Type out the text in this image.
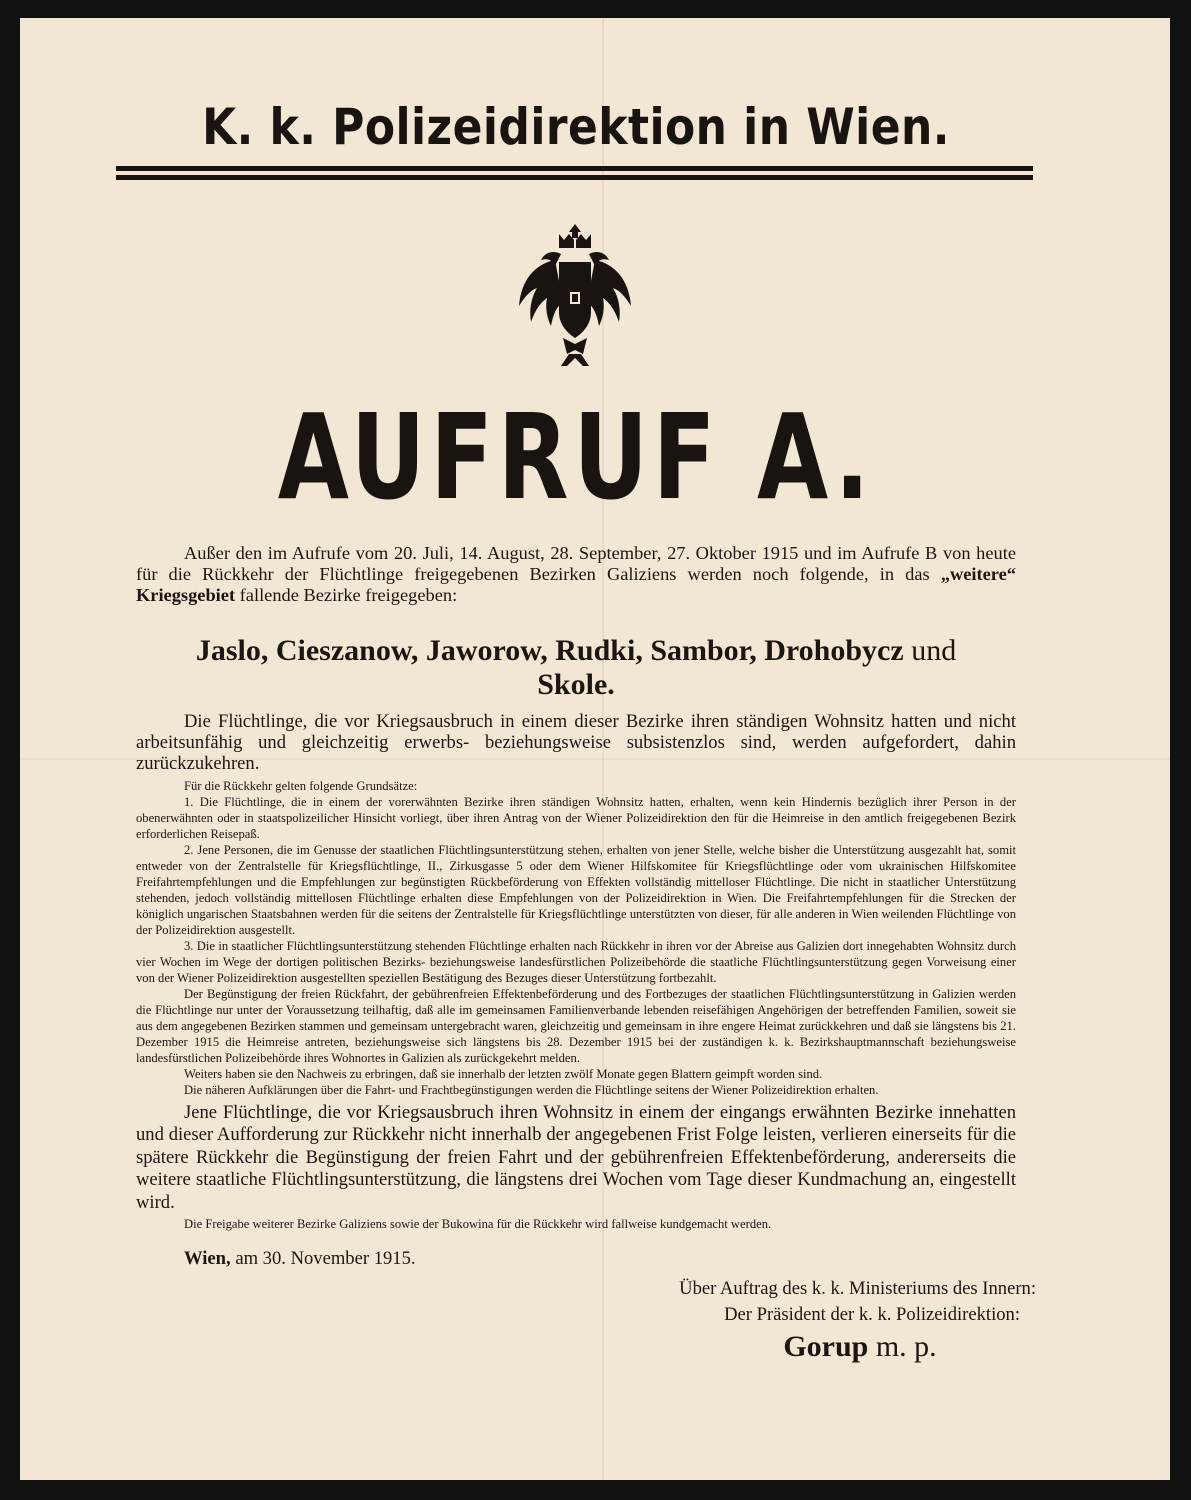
K. k. Polizeidirektion in Wien.
AUFRUF A.
Außer den im Aufrufe vom 20. Juli, 14. August, 28. September, 27. Oktober 1915 und im Aufrufe B von heute für die Rückkehr der Flüchtlinge freigegebenen Bezirken Galiziens werden noch folgende, in das „weitere“ Kriegsgebiet fallende Bezirke freigegeben:
Jaslo, Cieszanow, Jaworow, Rudki, Sambor, Drohobycz und
Skole.
Die Flüchtlinge, die vor Kriegsausbruch in einem dieser Bezirke ihren ständigen Wohnsitz hatten und nicht arbeitsunfähig und gleichzeitig erwerbs- beziehungsweise subsistenzlos sind, werden aufgefordert, dahin zurückzukehren.

Für die Rückkehr gelten folgende Grundsätze:

1. Die Flüchtlinge, die in einem der vorerwähnten Bezirke ihren ständigen Wohnsitz hatten, erhalten, wenn kein Hindernis bezüglich ihrer Person in der obenerwähnten oder in staatspolizeilicher Hinsicht vorliegt, über ihren Antrag von der Wiener Polizeidirektion den für die Heimreise in den amtlich freigegebenen Bezirk erforderlichen Reisepaß.

2. Jene Personen, die im Genusse der staatlichen Flüchtlingsunterstützung stehen, erhalten von jener Stelle, welche bisher die Unterstützung ausgezahlt hat, somit entweder von der Zentralstelle für Kriegsflüchtlinge, II., Zirkusgasse 5 oder dem Wiener Hilfskomitee für Kriegsflüchtlinge oder vom ukrainischen Hilfskomitee Freifahrtempfehlungen und die Empfehlungen zur begünstigten Rückbeförderung von Effekten vollständig mittelloser Flüchtlinge. Die nicht in staatlicher Unterstützung stehenden, jedoch vollständig mittellosen Flüchtlinge erhalten diese Empfehlungen von der Polizeidirektion in Wien. Die Freifahrtempfehlungen für die Strecken der königlich ungarischen Staatsbahnen werden für die seitens der Zentralstelle für Kriegsflüchtlinge unterstützten von dieser, für alle anderen in Wien weilenden Flüchtlinge von der Polizeidirektion ausgestellt.

3. Die in staatlicher Flüchtlingsunterstützung stehenden Flüchtlinge erhalten nach Rückkehr in ihren vor der Abreise aus Galizien dort innegehabten Wohnsitz durch vier Wochen im Wege der dortigen politischen Bezirks- beziehungsweise landesfürstlichen Polizeibehörde die staatliche Flüchtlingsunterstützung gegen Vorweisung einer von der Wiener Polizeidirektion ausgestellten speziellen Bestätigung des Bezuges dieser Unterstützung fortbezahlt.

Der Begünstigung der freien Rückfahrt, der gebührenfreien Effektenbeförderung und des Fortbezuges der staatlichen Flüchtlingsunterstützung in Galizien werden die Flüchtlinge nur unter der Voraussetzung teilhaftig, daß alle im gemeinsamen Familienverbande lebenden reisefähigen Angehörigen der betreffenden Familien, soweit sie aus dem angegebenen Bezirken stammen und gemeinsam untergebracht waren, gleichzeitig und gemeinsam in ihre engere Heimat zurückkehren und daß sie längstens bis 21. Dezember 1915 die Heimreise antreten, beziehungsweise sich längstens bis 28. Dezember 1915 bei der zuständigen k. k. Bezirkshauptmannschaft beziehungsweise landesfürstlichen Polizeibehörde ihres Wohnortes in Galizien als zurückgekehrt melden.

Weiters haben sie den Nachweis zu erbringen, daß sie innerhalb der letzten zwölf Monate gegen Blattern geimpft worden sind.

Die näheren Aufklärungen über die Fahrt- und Frachtbegünstigungen werden die Flüchtlinge seitens der Wiener Polizeidirektion erhalten.

Jene Flüchtlinge, die vor Kriegsausbruch ihren Wohnsitz in einem der eingangs erwähnten Bezirke innehatten und dieser Aufforderung zur Rückkehr nicht innerhalb der angegebenen Frist Folge leisten, verlieren einerseits für die spätere Rückkehr die Begünstigung der freien Fahrt und der gebührenfreien Effektenbeförderung, andererseits die weitere staatliche Flüchtlingsunterstützung, die längstens drei Wochen vom Tage dieser Kundmachung an, eingestellt wird.
Die Freigabe weiterer Bezirke Galiziens sowie der Bukowina für die Rückkehr wird fallweise kundgemacht werden.
Wien, am 30. November 1915.
Über Auftrag des k. k. Ministeriums des Innern:
Der Präsident der k. k. Polizeidirektion:
Gorup m. p.
